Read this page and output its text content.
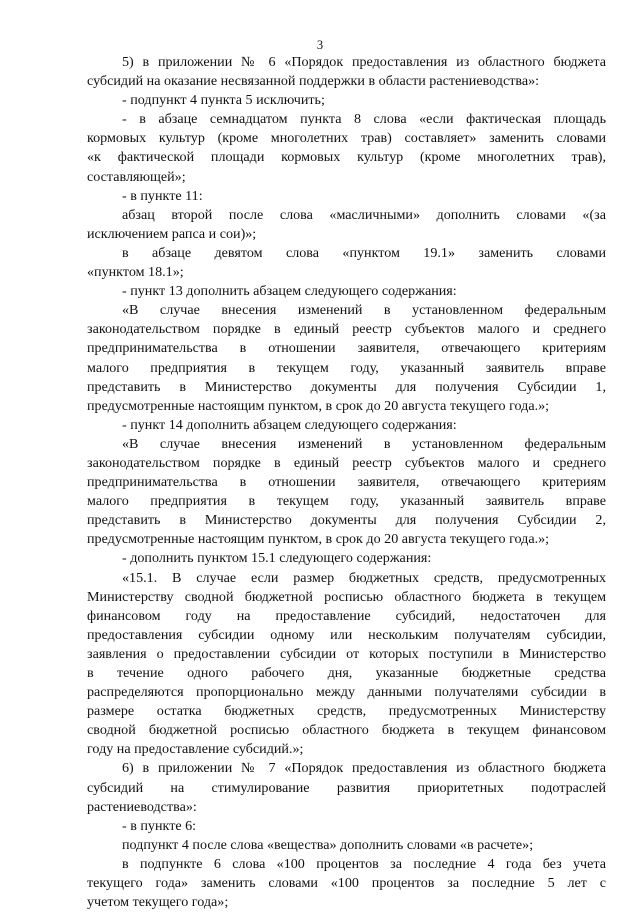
3
5) в приложении № 6 «Порядок предоставления из областного бюджета
субсидий на оказание несвязанной поддержки в области растениеводства»:
- подпункт 4 пункта 5 исключить;
- в абзаце семнадцатом пункта 8 слова «если фактическая площадь
кормовых культур (кроме многолетних трав) составляет» заменить словами
«к фактической площади кормовых культур (кроме многолетних трав),
составляющей»;
- в пункте 11:
абзац второй после слова «масличными» дополнить словами «(за
исключением рапса и сои)»;
в абзаце девятом слова «пунктом 19.1» заменить словами
«пунктом 18.1»;
- пункт 13 дополнить абзацем следующего содержания:
«В случае внесения изменений в установленном федеральным
законодательством порядке в единый реестр субъектов малого и среднего
предпринимательства в отношении заявителя, отвечающего критериям
малого предприятия в текущем году, указанный заявитель вправе
представить в Министерство документы для получения Субсидии 1,
предусмотренные настоящим пунктом, в срок до 20 августа текущего года.»;
- пункт 14 дополнить абзацем следующего содержания:
«В случае внесения изменений в установленном федеральным
законодательством порядке в единый реестр субъектов малого и среднего
предпринимательства в отношении заявителя, отвечающего критериям
малого предприятия в текущем году, указанный заявитель вправе
представить в Министерство документы для получения Субсидии 2,
предусмотренные настоящим пунктом, в срок до 20 августа текущего года.»;
- дополнить пунктом 15.1 следующего содержания:
«15.1. В случае если размер бюджетных средств, предусмотренных
Министерству сводной бюджетной росписью областного бюджета в текущем
финансовом году на предоставление субсидий, недостаточен для
предоставления субсидии одному или нескольким получателям субсидии,
заявления о предоставлении субсидии от которых поступили в Министерство
в течение одного рабочего дня, указанные бюджетные средства
распределяются пропорционально между данными получателями субсидии в
размере остатка бюджетных средств, предусмотренных Министерству
сводной бюджетной росписью областного бюджета в текущем финансовом
году на предоставление субсидий.»;
6) в приложении № 7 «Порядок предоставления из областного бюджета
субсидий на стимулирование развития приоритетных подотраслей
растениеводства»:
- в пункте 6:
подпункт 4 после слова «вещества» дополнить словами «в расчете»;
в подпункте 6 слова «100 процентов за последние 4 года без учета
текущего года» заменить словами «100 процентов за последние 5 лет с
учетом текущего года»;
